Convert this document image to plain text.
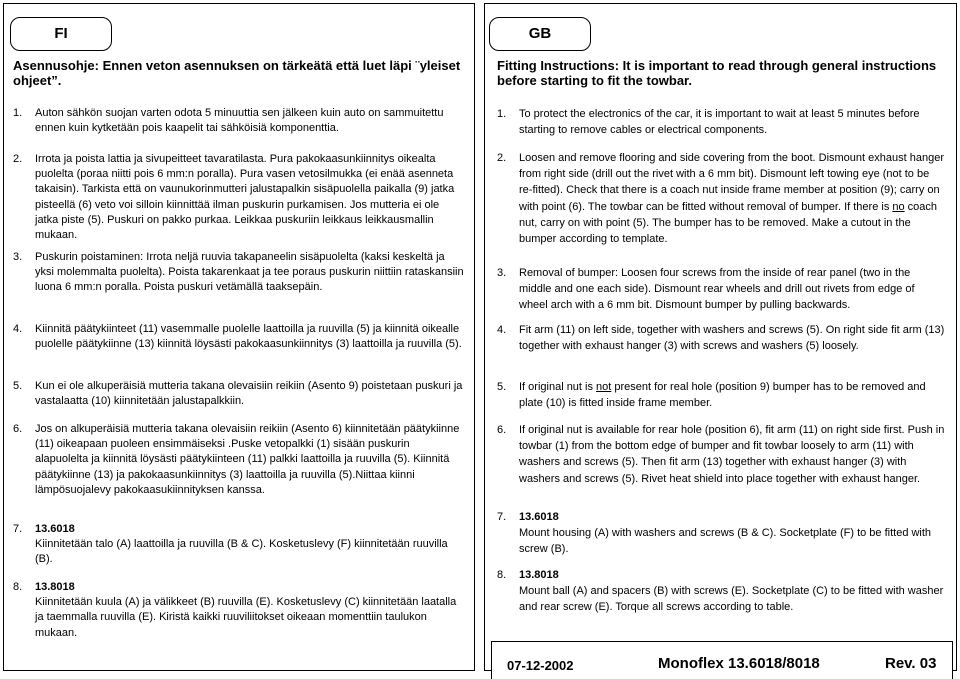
FI
Asennusohje: Ennen veton asennuksen on tärkeätä että luet läpi ¨yleiset ohjeet”.
1.	Auton sähkön suojan varten odota 5 minuuttia sen jälkeen kuin auto on sammuitettu ennen kuin kytketään pois kaapelit tai sähköisiä komponenttia.
2.	Irrota ja poista lattia ja sivupeitteet tavaratilasta. Pura pakokaasunkiinnitys oikealta puolelta (poraa niitti pois 6 mm:n poralla). Pura vasen vetosilmukka (ei enää asenneta takaisin). Tarkista että on vaunukorinmutteri jalustapalkin sisäpuolella paikalla (9) jatka pisteellä (6) veto voi silloin kiinnittää ilman puskurin purkamisen. Jos mutteria ei ole jatka piste (5). Puskuri on pakko purkaa. Leikkaa puskuriin leikkaus leikkausmallin mukaan.
3.	Puskurin poistaminen: Irrota neljä ruuvia takapaneelin sisäpuolelta (kaksi keskeltä ja yksi molemmalta puolelta). Poista takarenkaat ja tee poraus puskurin niittiin rataskansiin luona 6 mm:n poralla. Poista puskuri vetämällä taaksepäin.
4.	Kiinnitä päätykiinteet (11) vasemmalle puolelle laattoilla ja ruuvilla (5) ja kiinnitä oikealle puolelle päätykiinne (13) kiinnitä löysästi pakokaasunkiinnitys (3) laattoilla ja ruuvilla (5).
5.	Kun ei ole alkuperäisiä mutteria takana olevaisiin reikiin (Asento 9) poistetaan puskuri ja vastalaatta (10) kiinnitetään jalustapalkkiin.
6.	Jos on alkuperäisiä mutteria takana olevaisiin reikiin (Asento 6) kiinnitetään päätykiinne (11) oikeapaan puoleen ensimmäiseksi .Puske vetopalkki (1) sisään puskurin alapuolelta ja kiinnitä löysästi päätykiinteen (11) palkki laattoilla ja ruuvilla (5). Kiinnitä päätykiinne (13) ja pakokaasunkiinnitys (3) laattoilla ja ruuvilla (5).Niittaa kiinni lämpösuojalevy pakokaasukiinnityksen kanssa.
7.	13.6018
Kiinnitetään talo (A) laattoilla ja ruuvilla (B & C). Kosketuslevy (F) kiinnitetään ruuvilla (B).
8.	13.8018
Kiinnitetään kuula (A) ja välikkeet (B) ruuvilla (E). Kosketuslevy (C) kiinnitetään laatalla ja taemmalla ruuvilla (E). Kiristä kaikki ruuviliitokset oikeaan momenttiin taulukon mukaan.
GB
Fitting Instructions: It is important to read through general instructions before starting to fit the towbar.
1.	To protect the electronics of the car, it is important to wait at least 5 minutes before starting to remove cables or electrical components.
2.	Loosen and remove flooring and side covering from the boot. Dismount exhaust hanger from right side (drill out the rivet with a 6 mm bit). Dismount left towing eye (not to be re-fitted). Check that there is a coach nut inside frame member at position (9); carry on with point (6). The towbar can be fitted without removal of bumper. If there is no coach nut, carry on with point (5). The bumper has to be removed. Make a cutout in the bumper according to template.
3.	Removal of bumper: Loosen four screws from the inside of rear panel (two in the middle and one each side). Dismount rear wheels and drill out rivets from edge of wheel arch with a 6 mm bit. Dismount bumper by pulling backwards.
4.	Fit arm (11) on left side, together with washers and screws (5). On right side fit arm (13) together with exhaust hanger (3) with screws and washers (5) loosely.
5.	If original nut is not present for real hole (position 9) bumper has to be removed and plate (10) is fitted inside frame member.
6.	If original nut is available for rear hole (position 6), fit arm (11) on right side first. Push in towbar (1) from the bottom edge of bumper and fit towbar loosely to arm (11) with washers and screws (5). Then fit arm (13) together with exhaust hanger (3) with washers and screws (5). Rivet heat shield into place together with exhaust hanger.
7.	13.6018
Mount housing (A) with washers and screws (B & C). Socketplate (F) to be fitted with screw (B).
8.	13.8018
Mount ball (A) and spacers (B) with screws (E). Socketplate (C) to be fitted with washer and rear screw (E). Torque all screws according to table.
07-12-2002	Monoflex 13.6018/8018	Rev. 03
